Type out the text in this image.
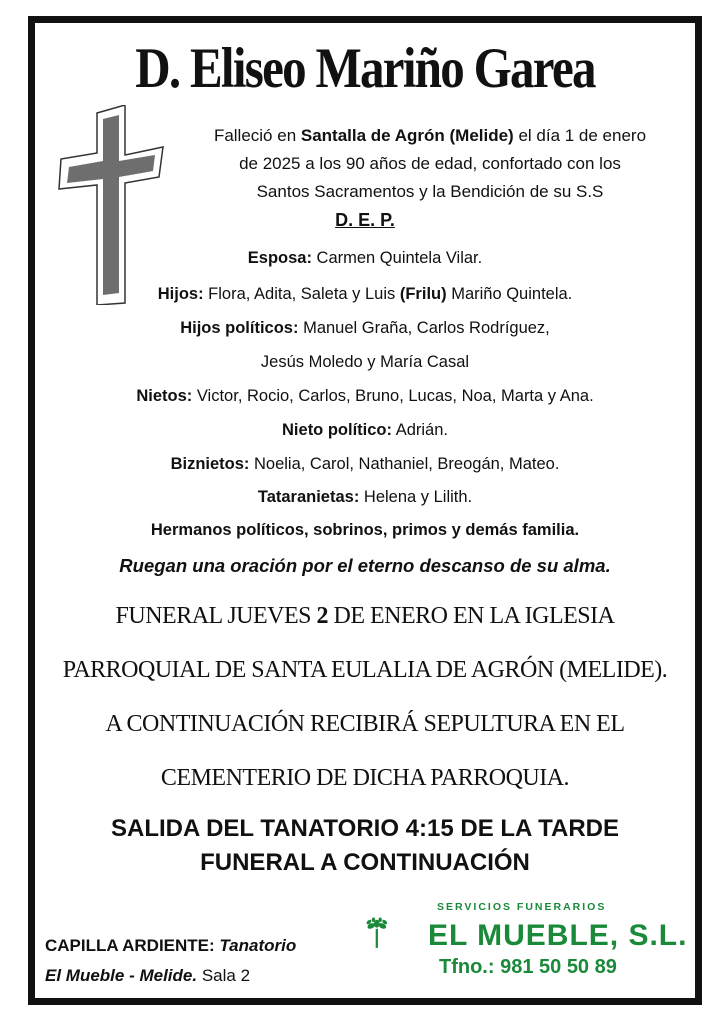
D. Eliseo Mariño Garea
Falleció en Santalla de Agrón (Melide) el día 1 de enero
de 2025 a los 90 años de edad, confortado con los
Santos Sacramentos y la Bendición de su S.S
D. E. P.
Esposa: Carmen Quintela Vilar.
Hijos: Flora, Adita, Saleta y Luis (Frilu) Mariño Quintela.
Hijos políticos: Manuel Graña, Carlos Rodríguez,
Jesús Moledo y María Casal
Nietos: Victor, Rocio, Carlos, Bruno, Lucas, Noa, Marta y Ana.
Nieto político: Adrián.
Biznietos: Noelia, Carol, Nathaniel, Breogán, Mateo.
Tataranietas: Helena y Lilith.
Hermanos políticos, sobrinos, primos y demás familia.
Ruegan una oración por el eterno descanso de su alma.
FUNERAL JUEVES 2 DE ENERO EN LA IGLESIA
PARROQUIAL DE SANTA EULALIA DE AGRÓN (MELIDE).
A CONTINUACIÓN RECIBIRÁ SEPULTURA EN EL
CEMENTERIO DE DICHA PARROQUIA.
SALIDA DEL TANATORIO 4:15 DE LA TARDE
FUNERAL A CONTINUACIÓN
CAPILLA ARDIENTE: Tanatorio
El Mueble - Melide. Sala 2
SERVICIOS FUNERARIOS
EL MUEBLE, S.L.
Tfno.: 981 50 50 89
